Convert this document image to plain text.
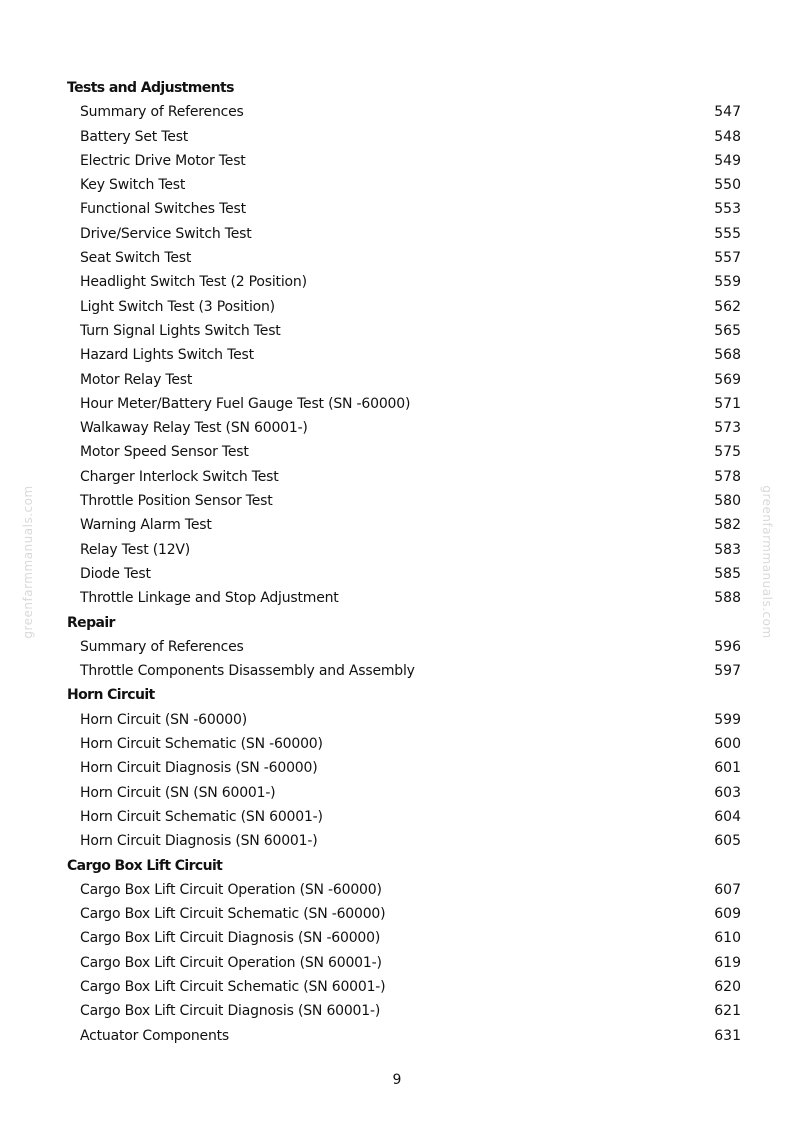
greenfarmmanuals.com	greenfarmmanuals.com
Tests and Adjustments
Summary of References	547
Battery Set Test	548
Electric Drive Motor Test	549
Key Switch Test	550
Functional Switches Test	553
Drive/Service Switch Test	555
Seat Switch Test	557
Headlight Switch Test (2 Position)	559
Light Switch Test (3 Position)	562
Turn Signal Lights Switch Test	565
Hazard Lights Switch Test	568
Motor Relay Test	569
Hour Meter/Battery Fuel Gauge Test (SN -60000)	571
Walkaway Relay Test (SN 60001-)	573
Motor Speed Sensor Test	575
Charger Interlock Switch Test	578
Throttle Position Sensor Test	580
Warning Alarm Test	582
Relay Test (12V)	583
Diode Test	585
Throttle Linkage and Stop Adjustment	588
Repair
Summary of References	596
Throttle Components Disassembly and Assembly	597
Horn Circuit
Horn Circuit (SN -60000)	599
Horn Circuit Schematic (SN -60000)	600
Horn Circuit Diagnosis (SN -60000)	601
Horn Circuit (SN (SN 60001-)	603
Horn Circuit Schematic (SN 60001-)	604
Horn Circuit Diagnosis (SN 60001-)	605
Cargo Box Lift Circuit
Cargo Box Lift Circuit Operation (SN -60000)	607
Cargo Box Lift Circuit Schematic (SN -60000)	609
Cargo Box Lift Circuit Diagnosis (SN -60000)	610
Cargo Box Lift Circuit Operation (SN 60001-)	619
Cargo Box Lift Circuit Schematic (SN 60001-)	620
Cargo Box Lift Circuit Diagnosis (SN 60001-)	621
Actuator Components	631
9
